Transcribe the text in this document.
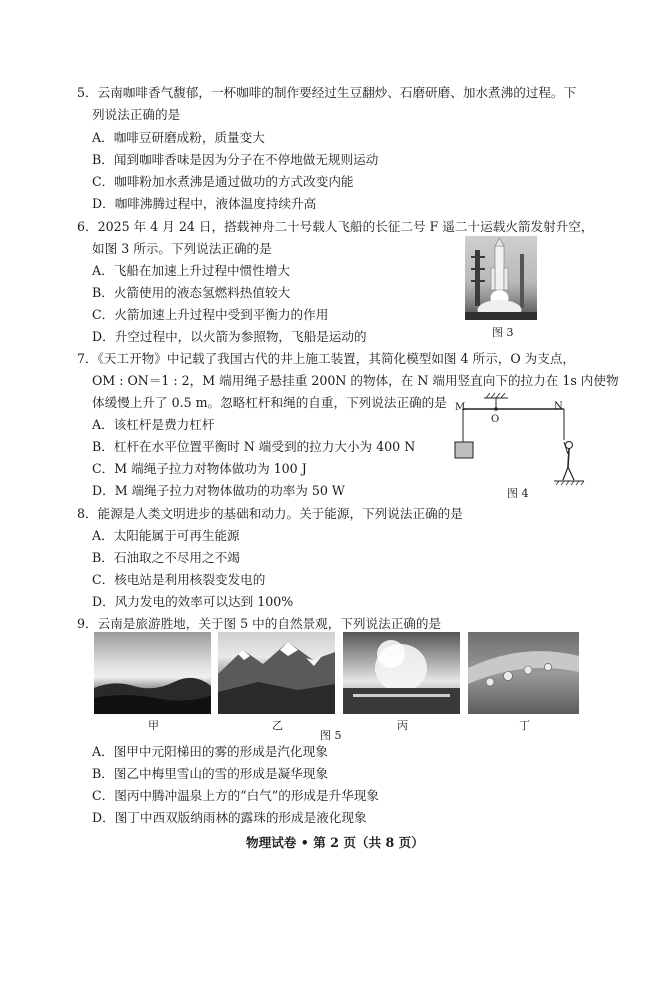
5．云南咖啡香气馥郁，一杯咖啡的制作要经过生豆翻炒、石磨研磨、加水煮沸的过程。下
列说法正确的是
A．咖啡豆研磨成粉，质量变大
B．闻到咖啡香味是因为分子在不停地做无规则运动
C．咖啡粉加水煮沸是通过做功的方式改变内能
D．咖啡沸腾过程中，液体温度持续升高
6．2025 年 4 月 24 日，搭载神舟二十号载人飞船的长征二号 F 遥二十运载火箭发射升空，
如图 3 所示。下列说法正确的是
A．飞船在加速上升过程中惯性增大
B．火箭使用的液态氢燃料热值较大
C．火箭加速上升过程中受到平衡力的作用
D．升空过程中，以火箭为参照物，飞船是运动的	图 3
7．《天工开物》中记载了我国古代的井上施工装置，其简化模型如图 4 所示，O 为支点，
OM : ON＝1 : 2，M 端用绳子悬挂重 200N 的物体，在 N 端用竖直向下的拉力在 1s 内使物
体缓慢上升了 0.5 m。忽略杠杆和绳的自重，下列说法正确的是
A．该杠杆是费力杠杆
B．杠杆在水平位置平衡时 N 端受到的拉力大小为 400 N
C．M 端绳子拉力对物体做功为 100 J
D．M 端绳子拉力对物体做功的功率为 50 W
M
O
N
图 4
8．能源是人类文明进步的基础和动力。关于能源，下列说法正确的是
A．太阳能属于可再生能源
B．石油取之不尽用之不竭
C．核电站是利用核裂变发电的
D．风力发电的效率可以达到 100%
9．云南是旅游胜地，关于图 5 中的自然景观，下列说法正确的是
甲	乙	丙	丁
图 5
A．图甲中元阳梯田的雾的形成是汽化现象
B．图乙中梅里雪山的雪的形成是凝华现象
C．图丙中腾冲温泉上方的“白气”的形成是升华现象
D．图丁中西双版纳雨林的露珠的形成是液化现象
物理试卷 • 第 2 页（共 8 页）
